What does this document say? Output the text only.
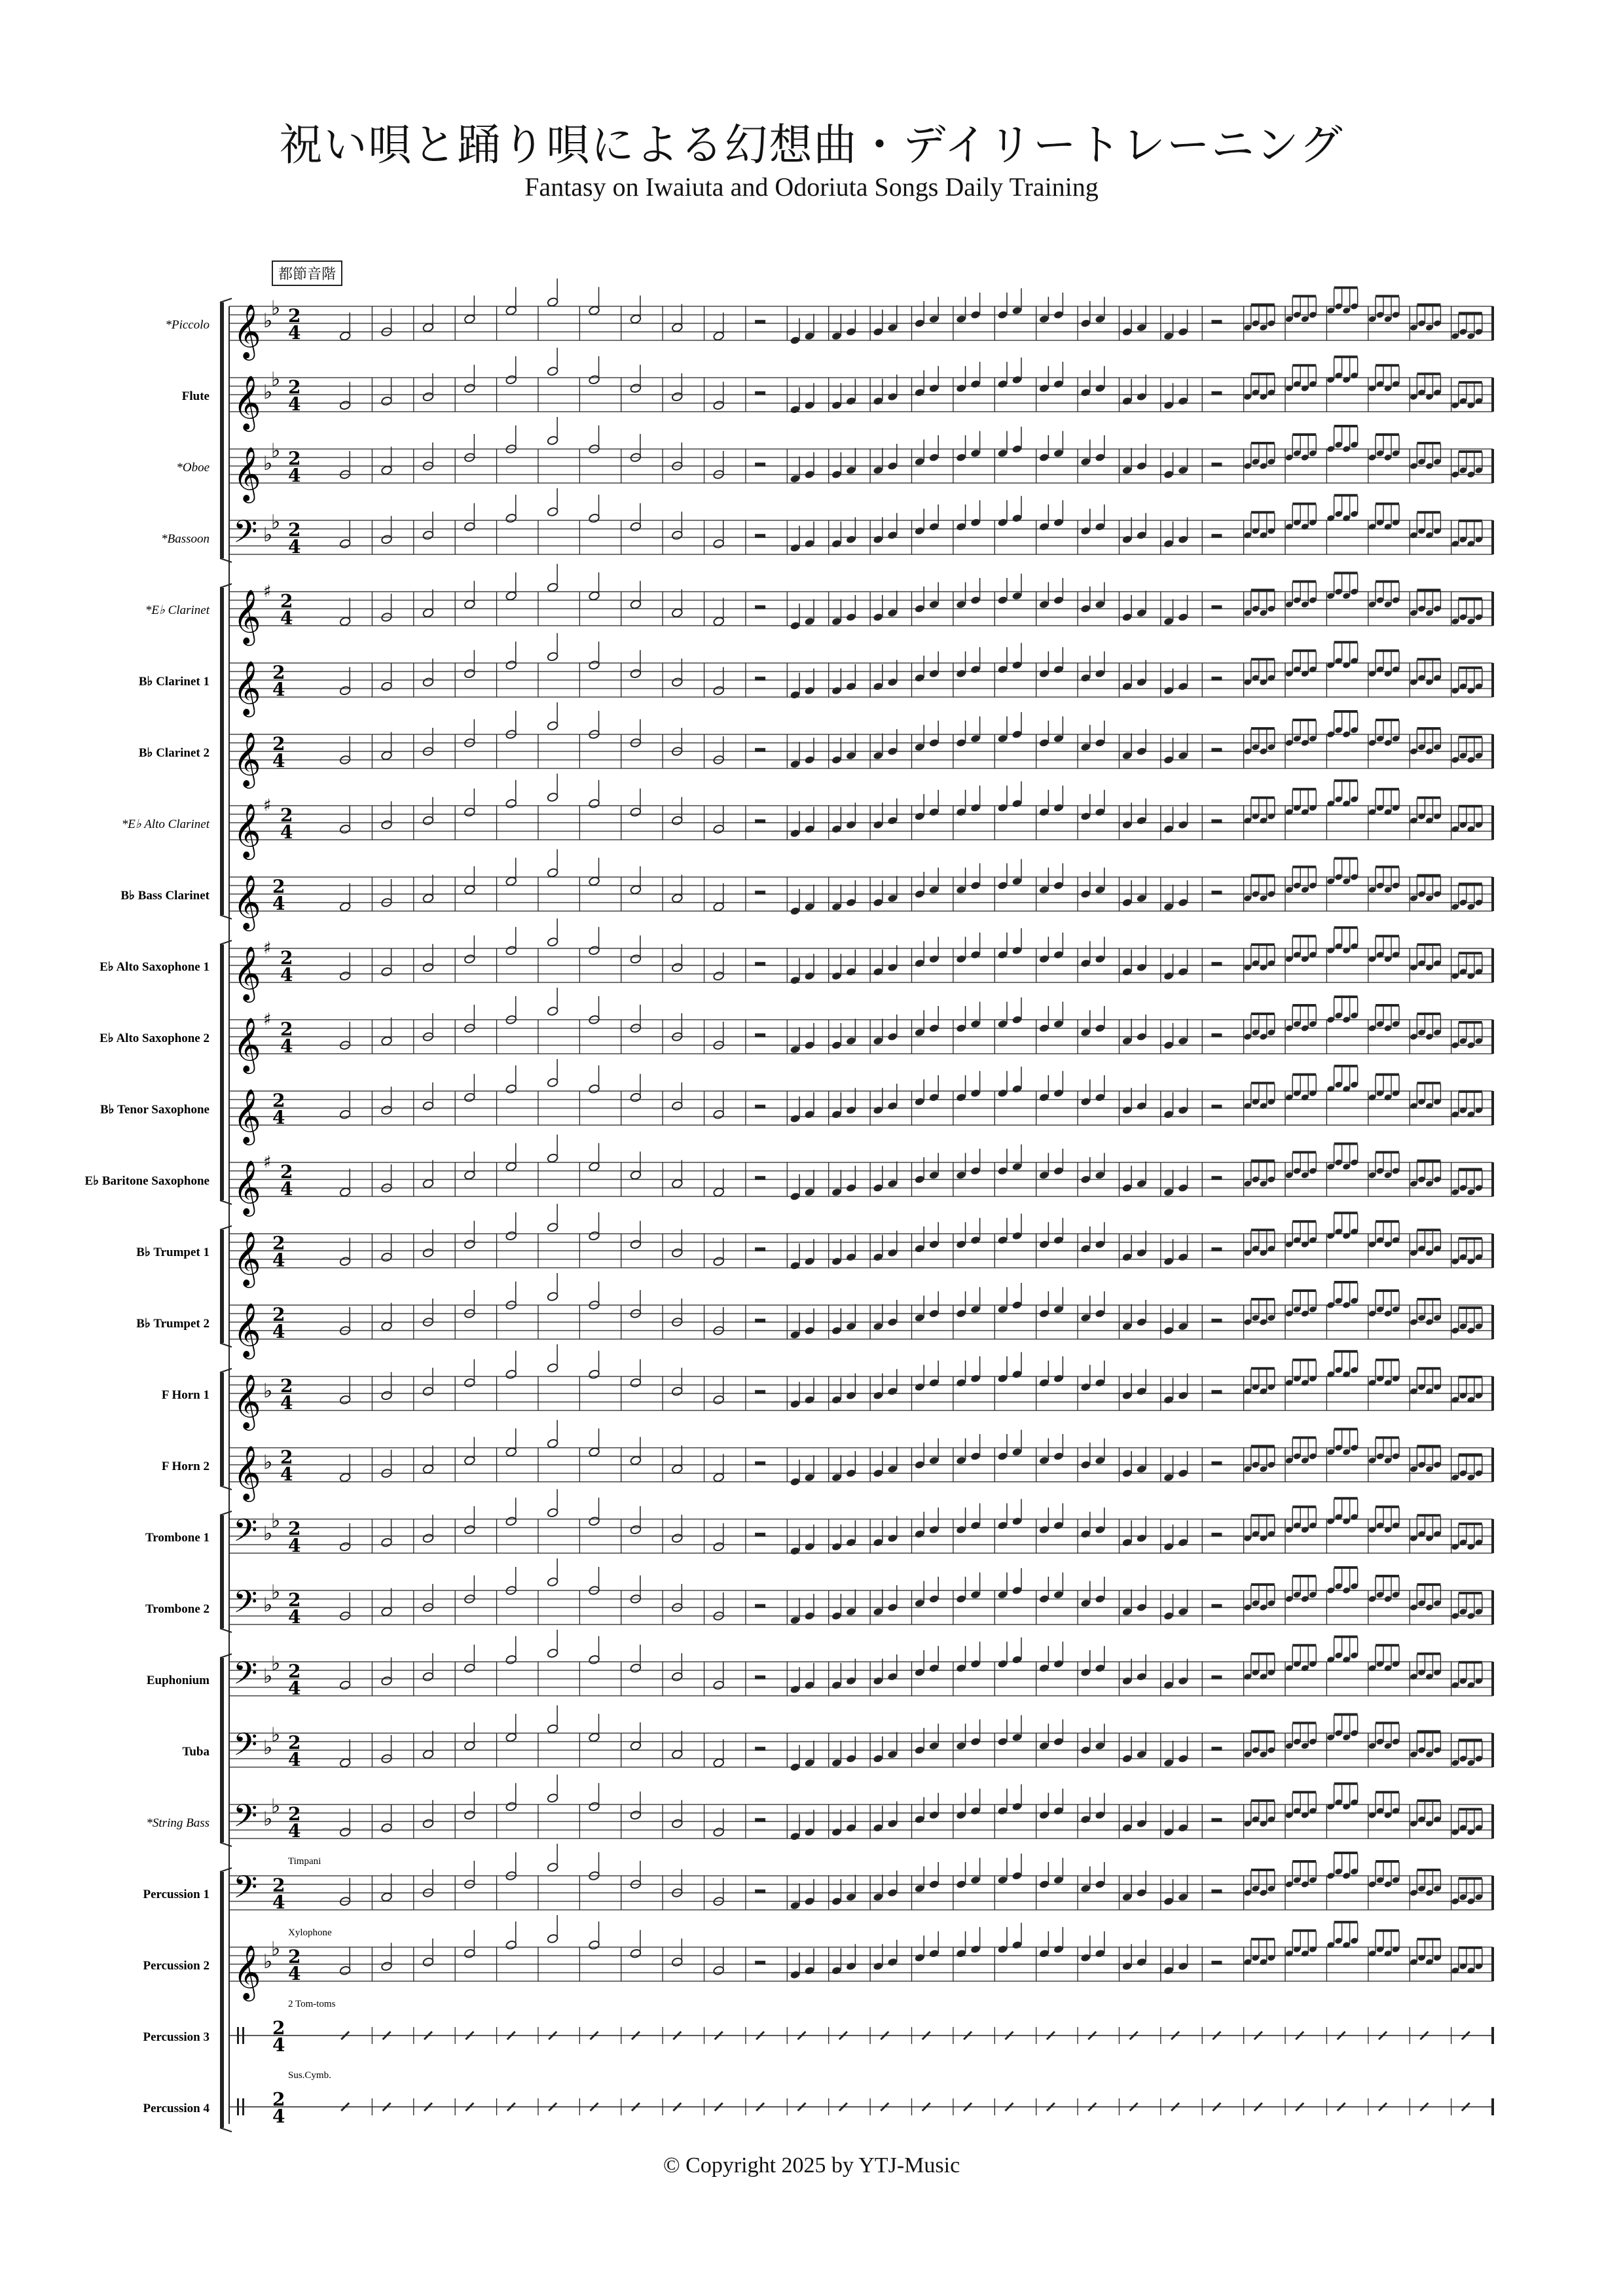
祝い唄と踊り唄による幻想曲・デイリートレーニング
Fantasy on Iwaiuta and Odoriuta Songs Daily Training
都節音階
*Piccolo 𝄞 ♭
♭ 2
4
Flute 𝄞 ♭
♭ 2
4
*Oboe 𝄞 ♭
♭ 2
4
*Bassoon 𝄢 ♭
♭ 2
4
*E♭ Clarinet 𝄞 ♯ 2
4
B♭ Clarinet 1 𝄞 2
4
B♭ Clarinet 2 𝄞 2
4
*E♭ Alto Clarinet 𝄞 ♯ 2
4
B♭ Bass Clarinet 𝄞 2
4
E♭ Alto Saxophone 1 𝄞 ♯ 2
4
E♭ Alto Saxophone 2 𝄞 ♯ 2
4
B♭ Tenor Saxophone 𝄞 2
4
E♭ Baritone Saxophone 𝄞 ♯ 2
4
B♭ Trumpet 1 𝄞 2
4
B♭ Trumpet 2 𝄞 2
4
F Horn 1 𝄞 ♭ 2
4
F Horn 2 𝄞 ♭ 2
4
Trombone 1 𝄢 ♭
♭ 2
4
Trombone 2 𝄢 ♭
♭ 2
4
Euphonium 𝄢 ♭
♭ 2
4
Tuba 𝄢 ♭
♭ 2
4
*String Bass 𝄢 ♭
♭ 2
4
Percussion 1 𝄢 2
4
Timpani
Percussion 2 𝄞 ♭
♭ 2
4
Xylophone
Percussion 3	2
4
2 Tom-toms
Percussion 4	2
4
Sus.Cymb.
© Copyright 2025 by YTJ-Music
